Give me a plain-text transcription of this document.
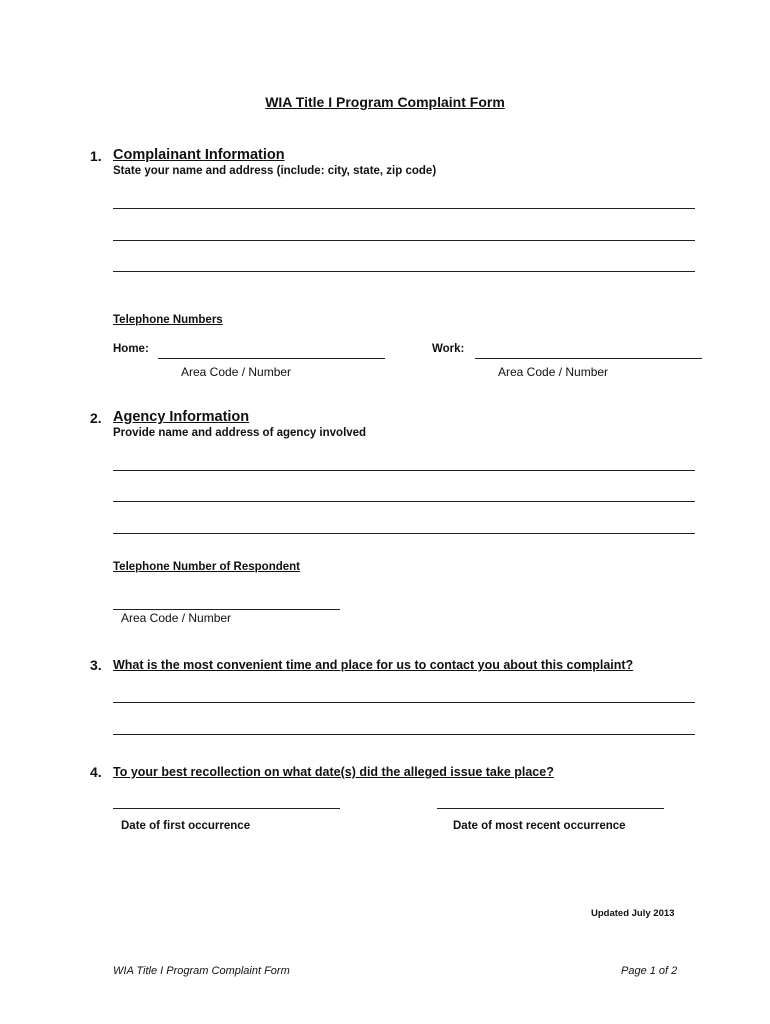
WIA Title I Program Complaint Form
1. Complainant Information
State your name and address (include: city, state, zip code)
Telephone Numbers
Home:	Work:
Area Code / Number	Area Code / Number
2. Agency Information
Provide name and address of agency involved
Telephone Number of Respondent
Area Code / Number
3. What is the most convenient time and place for us to contact you about this complaint?
4. To your best recollection on what date(s) did the alleged issue take place?
Date of first occurrence	Date of most recent occurrence
Updated July 2013
WIA Title I Program Complaint Form	Page 1 of 2
